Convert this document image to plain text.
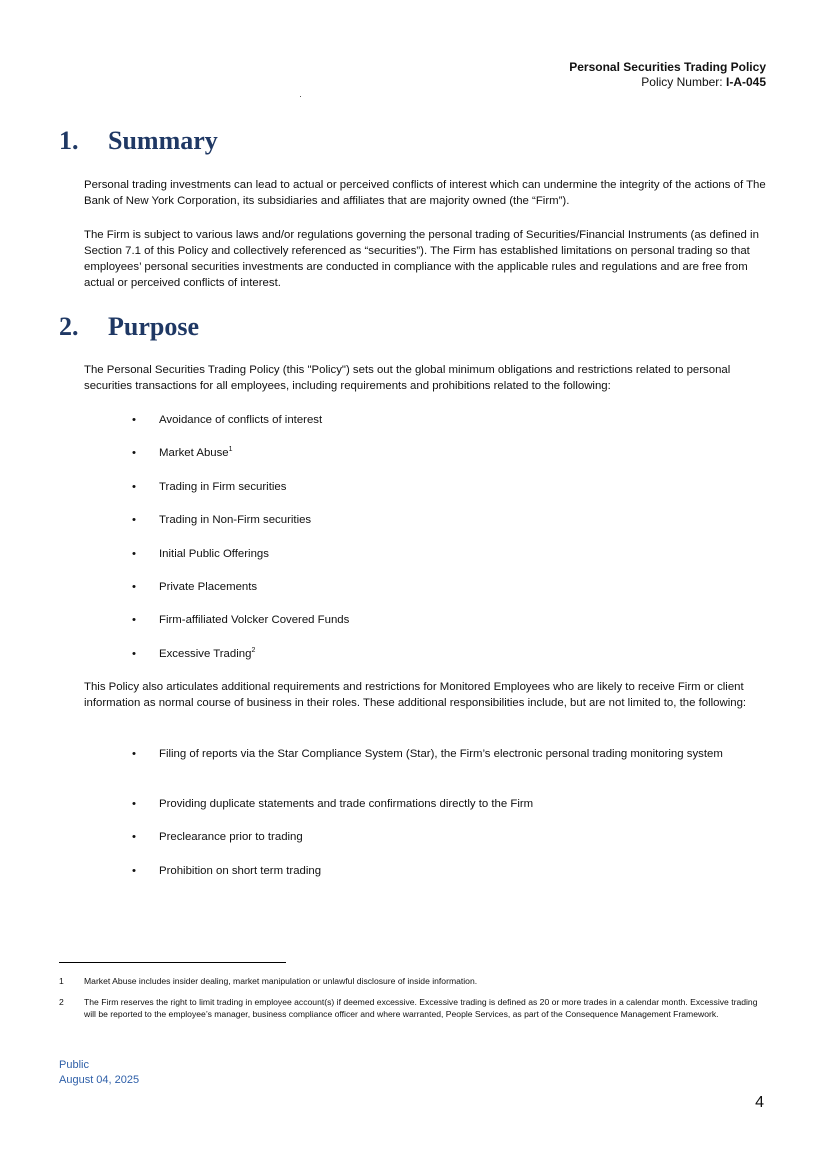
Personal Securities Trading Policy
Policy Number: I-A-045
1. Summary

Personal trading investments can lead to actual or perceived conflicts of interest which can undermine the integrity of the actions of The Bank of New York Corporation, its subsidiaries and affiliates that are majority owned (the “Firm”).

The Firm is subject to various laws and/or regulations governing the personal trading of Securities/Financial Instruments (as defined in Section 7.1 of this Policy and collectively referenced as “securities”). The Firm has established limitations on personal trading so that employees’ personal securities investments are conducted in compliance with the applicable rules and regulations and are free from actual or perceived conflicts of interest.

2. Purpose

The Personal Securities Trading Policy (this "Policy") sets out the global minimum obligations and restrictions related to personal securities transactions for all employees, including requirements and prohibitions related to the following:

• Avoidance of conflicts of interest
• Market Abuse$^1$
• Trading in Firm securities
• Trading in Non-Firm securities
• Initial Public Offerings
• Private Placements
• Firm-affiliated Volcker Covered Funds
• Excessive Trading$^2$

This Policy also articulates additional requirements and restrictions for Monitored Employees who are likely to receive Firm or client information as normal course of business in their roles. These additional responsibilities include, but are not limited to, the following:

• Filing of reports via the Star Compliance System (Star), the Firm’s electronic personal trading monitoring system
• Providing duplicate statements and trade confirmations directly to the Firm
• Preclearance prior to trading
• Prohibition on short term trading
1 Market Abuse includes insider dealing, market manipulation or unlawful disclosure of inside information.
2 The Firm reserves the right to limit trading in employee account(s) if deemed excessive. Excessive trading is defined as 20 or more trades in a calendar month. Excessive trading will be reported to the employee’s manager, business compliance officer and where warranted, People Services, as part of the Consequence Management Framework.
Public
August 04, 2025
4
